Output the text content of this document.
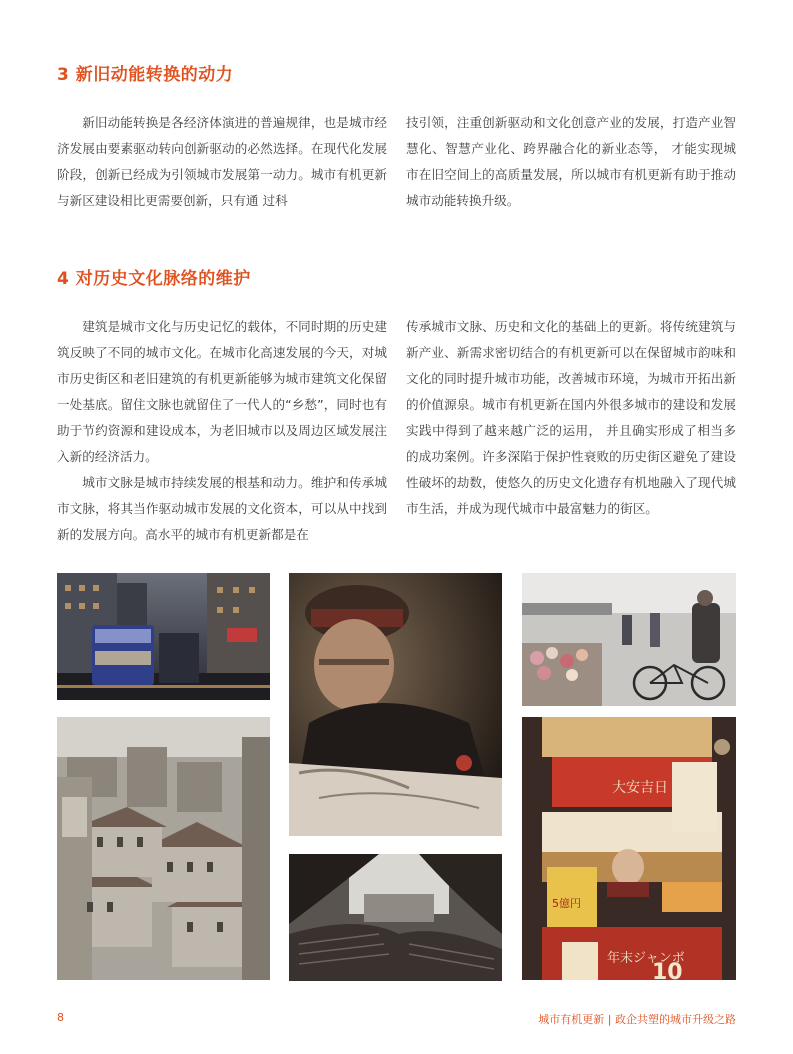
3 新旧动能转换的动力

新旧动能转换是各经济体演进的普遍规律，也是城市经济发展由要素驱动转向创新驱动的必然选择。在现代化发展阶段，创新已经成为引领城市发展第一动力。城市有机更新与新区建设相比更需要创新，只有通 过科

技引领，注重创新驱动和文化创意产业的发展，打造产业智慧化、智慧产业化、跨界融合化的新业态等， 才能实现城市在旧空间上的高质量发展，所以城市有机更新有助于推动城市动能转换升级。

4 对历史文化脉络的维护

建筑是城市文化与历史记忆的载体，不同时期的历史建筑反映了不同的城市文化。在城市化高速发展的今天，对城市历史街区和老旧建筑的有机更新能够为城市建筑文化保留一处基底。留住文脉也就留住了一代人的“乡愁”，同时也有助于节约资源和建设成本，为老旧城市以及周边区域发展注入新的经济活力。

城市文脉是城市持续发展的根基和动力。维护和传承城市文脉，将其当作驱动城市发展的文化资本，可以从中找到新的发展方向。高水平的城市有机更新都是在

传承城市文脉、历史和文化的基础上的更新。将传统建筑与新产业、新需求密切结合的有机更新可以在保留城市韵味和文化的同时提升城市功能，改善城市环境，为城市开拓出新的价值源泉。城市有机更新在国内外很多城市的建设和发展实践中得到了越来越广泛的运用， 并且确实形成了相当多的成功案例。许多深陷于保护性衰败的历史街区避免了建设性破坏的劫数，使悠久的历史文化遗存有机地融入了现代城市生活，并成为现代城市中最富魅力的街区。

大安吉日
年末ジャンボ
5億円
10
8	城市有机更新 | 政企共塑的城市升级之路
